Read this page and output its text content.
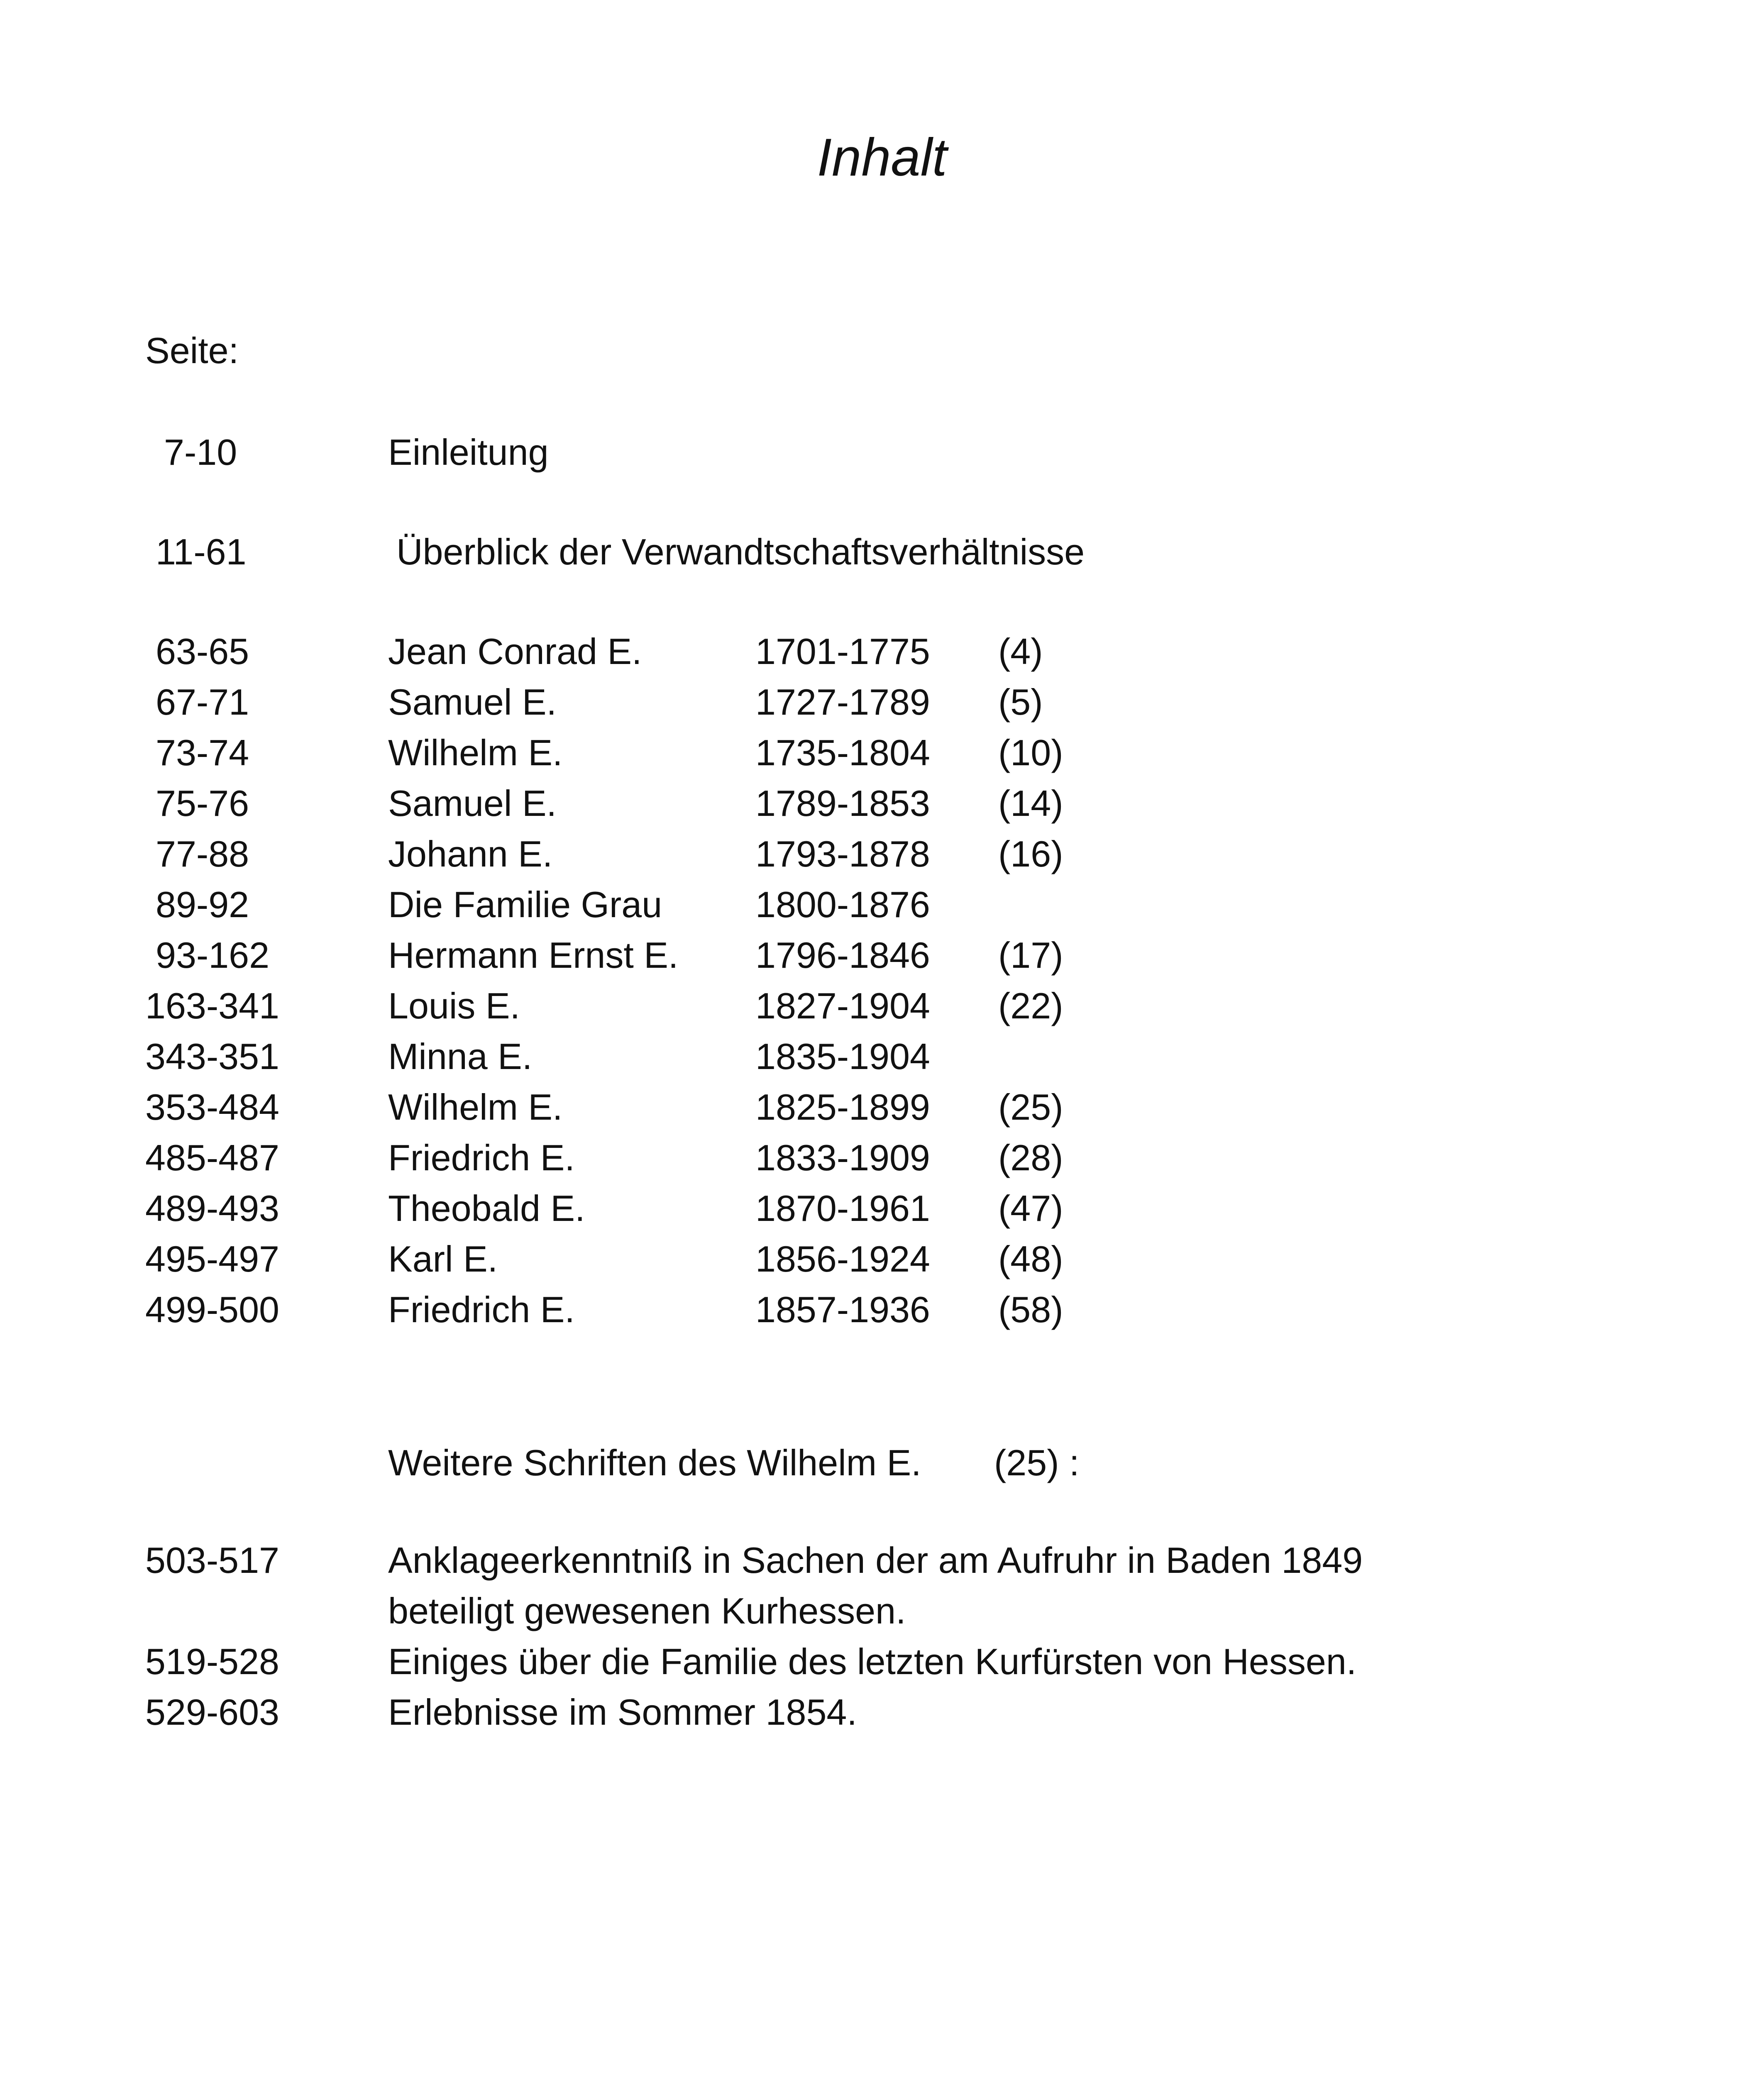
Inhalt
Seite:
7-10	Einleitung
11-61	Überblick der Verwandtschaftsverhältnisse
63-65	Jean Conrad E.	1701-1775 (4)
67-71	Samuel E.	1727-1789 (5)
73-74	Wilhelm E.	1735-1804 (10)
75-76	Samuel E.	1789-1853 (14)
77-88	Johann E.	1793-1878 (16)
89-92	Die Familie Grau	1800-1876
93-162	Hermann Ernst E. 1796-1846 (17)
163-341	Louis E.	1827-1904 (22)
343-351	Minna E.	1835-1904
353-484	Wilhelm E.	1825-1899 (25)
485-487	Friedrich E.	1833-1909 (28)
489-493	Theobald E.	1870-1961 (47)
495-497	Karl E.	1856-1924 (48)
499-500	Friedrich E.	1857-1936 (58)
Weitere Schriften des Wilhelm E. (25) :
503-517	Anklageerkenntniß in Sachen der am Aufruhr in Baden 1849
beteiligt gewesenen Kurhessen.
519-528	Einiges über die Familie des letzten Kurfürsten von Hessen.
529-603	Erlebnisse im Sommer 1854.
